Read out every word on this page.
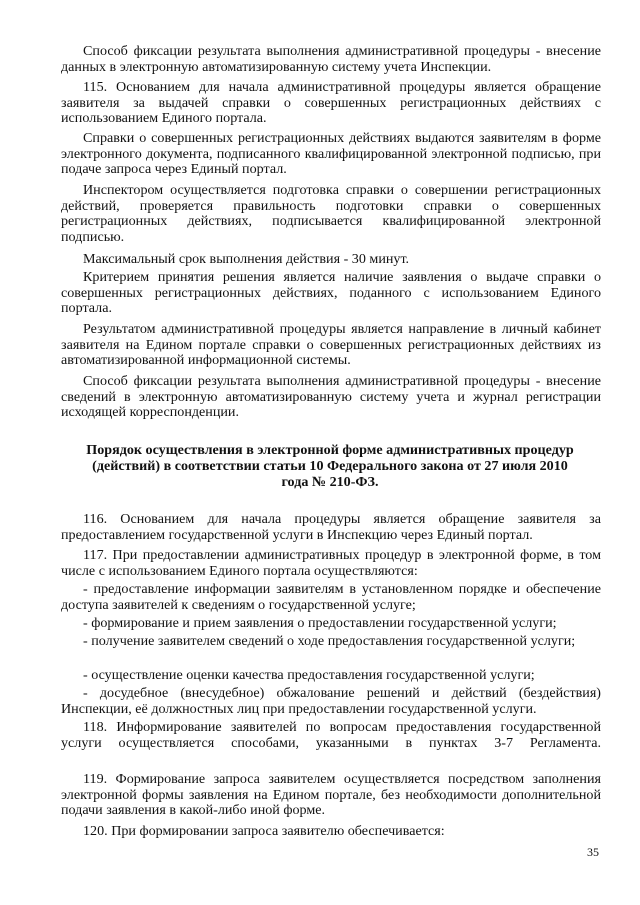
Способ фиксации результата выполнения административной процедуры - внесение данных в электронную автоматизированную систему учета Инспекции.

115. Основанием для начала административной процедуры является обращение заявителя за выдачей справки о совершенных регистрационных действиях с использованием Единого портала.

Справки о совершенных регистрационных действиях выдаются заявителям в форме электронного документа, подписанного квалифицированной электронной подписью, при подаче запроса через Единый портал.

Инспектором осуществляется подготовка справки о совершении регистрационных действий, проверяется правильность подготовки справки о совершенных регистрационных действиях, подписывается квалифицированной электронной подписью.

Максимальный срок выполнения действия - 30 минут.

Критерием принятия решения является наличие заявления о выдаче справки о совершенных регистрационных действиях, поданного с использованием Единого портала.

Результатом административной процедуры является направление в личный кабинет заявителя на Едином портале справки о совершенных регистрационных действиях из автоматизированной информационной системы.

Способ фиксации результата выполнения административной процедуры - внесение сведений в электронную автоматизированную систему учета и журнал регистрации исходящей корреспонденции.

Порядок осуществления в электронной форме административных процедур (действий) в соответствии статьи 10 Федерального закона от 27 июля 2010 года № 210-ФЗ.

116. Основанием для начала процедуры является обращение заявителя за предоставлением государственной услуги в Инспекцию через Единый портал.

117. При предоставлении административных процедур в электронной форме, в том числе с использованием Единого портала осуществляются:

- предоставление информации заявителям в установленном порядке и обеспечение доступа заявителей к сведениям о государственной услуге;

- формирование и прием заявления о предоставлении государственной услуги;

- получение заявителем сведений о ходе предоставления государственной услуги;

- осуществление оценки качества предоставления государственной услуги;

- досудебное (внесудебное) обжалование решений и действий (бездействия) Инспекции, её должностных лиц при предоставлении государственной услуги.

118. Информирование заявителей по вопросам предоставления государственной услуги осуществляется способами, указанными в пунктах 3-7 Регламента.

119. Формирование запроса заявителем осуществляется посредством заполнения электронной формы заявления на Едином портале, без необходимости дополнительной подачи заявления в какой-либо иной форме.

120. При формировании запроса заявителю обеспечивается:

35
